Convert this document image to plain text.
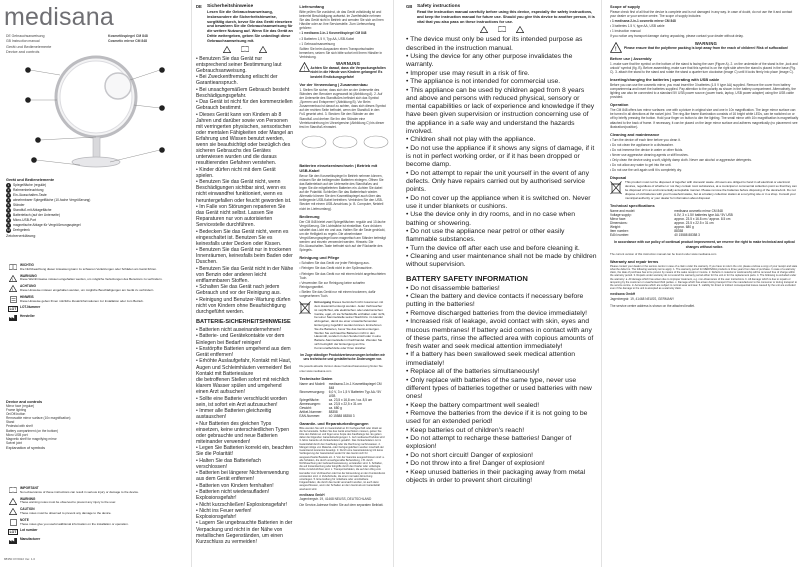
medisana
DE Gebrauchsanweisung
GB Instruction manual
Kosmetikspiegel CM 848
Cosmetic mirror CM 848
Gerät und Bedienelemente
Device and controls
Gerät und Bedienelemente
1	Spiegelfläche (regulär)
2	Rahmenbeleuchtung
3	Ein-/Ausschalten-Taste
4	abnehmbarer Spiegelfläche (10-fache Vergrößerung)
5	Ständer
6	Standfuß mit Ablagefläche
7	Batteriefach (auf der Unterseite)
8	Micro-USB-Port
9	magnetische Ablage für Vergrößerungsspiegel
10 Drehgelenk
Zeichenerklärung
WICHTIG
Die Nichtbeachtung dieser Anweisung kann zu schweren Verletzungen oder Schäden am Gerät führen.
!
WARNUNG
Diese Warnhinweise müssen eingehalten werden, um mögliche Verletzungen des Benutzers zu verhindern.
!
ACHTUNG
Diese Hinweise müssen eingehalten werden, um mögliche Beschädigungen am Gerät zu verhindern.
HINWEIS
Diese Hinweise geben Ihnen nützliche Zusatzinformationen zur Installation oder zum Betrieb.
LOT	LOT-Nummer
Hersteller
Device and controls
• Mirror face (regular)
• Frame lighting
• On/Off-button
• Removable mirror surface (10x magnification)
• Stand
• Pedestal with shelf
• Battery compartment (on the bottom)
• Micro USB port
• Magnetic shelf for magnifying mirror
• Swivel joint
Explanation of symbols
IMPORTANT
Non-observance of these instructions can result in serious injury or damage to the device.
WARNING
These warning notes must be observed to prevent any injury to the user.
CAUTION
These notes must be observed to prevent any damage to the device.
NOTE
These notes give you useful additional information on the installation or operation.
LOT	Lot number
Manufacturer
88350 07/2022 Ver. 1.0
DE	Sicherheitshinweise
Lesen Sie die Gebrauchsanweisung, insbesondere die Sicherheitshinweise, sorgfältig durch, bevor Sie das Gerät einsetzen und bewahren Sie die Gebrauchsanweisung für die weitere Nutzung auf. Wenn Sie das Gerät an Dritte weitergeben, geben Sie unbedingt diese Gebrauchsanweisung mit.

• Benutzen Sie das Gerät nur entsprechend seiner Bestimmung laut Gebrauchsanweisung.

• Bei Zweckentfremdung erlischt der Garantieanspruch.

• Bei unsachgemäßem Gebrauch besteht Beschädigungsgefahr.

• Das Gerät ist nicht für den kommerziellen Gebrauch bestimmt.

• Dieses Gerät kann von Kindern ab 8 Jahren und darüber sowie von Personen mit verringerten physischen, sensorischen oder mentalen Fähigkeiten oder Mangel an Erfahrung und Wissen benutzt werden, wenn sie beaufsichtigt oder bezüglich des sicheren Gebrauchs des Gerätes unterwiesen wurden und die daraus resultierenden Gefahren verstehen.

• Kinder dürfen nicht mit dem Gerät spielen.

• Benutzen Sie das Gerät nicht, wenn Beschädigungen sichtbar sind, wenn es nicht einwandfrei funktioniert, wenn es heruntergefallen oder feucht geworden ist.

• Im Falle von Störungen reparieren Sie das Gerät nicht selbst. Lassen Sie Reparaturen nur von autorisierten Servicestelle durchführen.

• Bedecken Sie das Gerät nicht, wenn es eingeschaltet ist. Benutzen Sie es keinesfalls unter Decken oder Kissen.

• Benutzen Sie das Gerät nur in trockenen Innenräumen, keinesfalls beim Baden oder Duschen.

• Benutzen Sie das Gerät nicht in der Nähe von Benzin oder anderen leicht entflammbaren Stoffen.

• Schalten Sie das Gerät nach jedem Gebrauch und vor der Reinigung aus.

• Reinigung und Benutzer-Wartung dürfen nicht von Kindern ohne Beaufsichtigung durchgeführt werden.

BATTERIE-SICHERHEITSHINWEISE

• Batterien nicht auseinandernehmen!

• Batterie- und Gerätekontakte vor dem Einlegen bei Bedarf reinigen!

• Enstörpfte Batterien umgehend aus dem Gerät entfernen!

• Erhöhte Auslaufgefahr, Kontakt mit Haut, Augen und Schleimhäuten vermeiden! Bei Kontakt mit Batteriesäure

die betroffenen Stellen sofort mit reichlich klarem Wasser spülen und umgehend einen Arzt aufsuchen!

• Sollte eine Batterie verschluckt worden sein, ist sofort ein Arzt aufzusuchen!

• Immer alle Batterien gleichzeitig austauschen!

• Nur Batterien des gleichen Typs einsetzen, keine unterschiedlichen Typen oder gebrauchte und neue Batterien miteinander verwenden!

• Legen Sie Batterien korrekt ein, beachten Sie die Polarität!

• Halten Sie das Batteriefach verschlossen!

• Batterien bei längerer Nichtverwendung aus dem Gerät entfernen!

• Batterien von Kindern fernhalten!

• Batterien nicht wiederaufladen! Explosionsgefahr!

• Nicht kurzschließen! Explosionsgefahr!

• Nicht ins Feuer werfen! Explosionsgefahr!

• Lagern Sie ungebrauchte Batterien in der Verpackung und nicht in der Nähe von metallischen Gegenständen, um einen Kurzschluss zu vermeiden!

Lieferumfang

Bitte prüfen Sie zunächst, ob das Gerät vollständig ist und keinerlei Beschädigung aufweist. Im Zweifelsfalle nehmen Sie das Gerät nicht in Betrieb und wenden Sie sich an Ihren Händler oder an Ihre Servicestelle. Zum Lieferumfang gehören:

• 1 medisana 2-in-1 Kosmetikspiegel CM 848

• 3 Batterien 1,5 V, Typ AA, USB-Kabel

• 1 Gebrauchsanweisung

Sollten Sie beim Auspacken einen Transportschaden bemerken, setzen Sie sich bitte sofort mit Ihrem Händler in Verbindung.

!
WARNUNG
Achten Sie darauf, dass die Verpackungsfolien nicht in die Hände von Kindern gelangen! Es besteht Erstickungsgefahr!
Vor der Verwendung | Zusammenbau
1. Stellen Sie sicher, dass sich der an der Unterseite des Ständers den Benutzer zugewandt ist (Abbildung A). 2. Auf der Unterseite des Standfußes befindet sich das Symbol „Sperren und Entsperren“ (Abbildung B). Vor Beim Zusammenbau ist darauf zu achten, dass sich dieses Symbol auf der rechten Seite befindet, wenn der Standfuß in den Fuß gesetzt wird. 3. Stecken Sie den Ständer an den Standfuß und drehen Sie ihn den Ständer eine Viertelumdrehung im Uhrzeigersinn (Abbildung C) bis dieser fest im Standfuß einrastet.
Batterien einsetzen/wechseln | Betrieb mit USB-Kabel
Bevor Sie den Kosmetikspiegel in Betrieb nehmen können, müssen Sie die beiliegenden Batterien einlegen. Öffnen Sie das Batteriefach auf der Unterseite des Standfußes und legen Sie die mitgelieferten Batterien ein. Achten Sie dabei auf die Polarität. Schließen Sie das Batteriefach wieder. Alternativ können Sie den Kosmetikspiegel auch über das beiliegende USB-Kabel betreiben. Verbinden Sie den USB-Stecker mit einem USB-Anschluss (z. B. Computer, Netzteil nicht im Lieferumfang).
Bedienung
Der CM 848 bietet zwei Spiegelflächen: regulär und 10-fache Vergrößerung. Die Lichtstärke ist einstellbar. Kurz drücken schaltet das Licht ein und aus. Halten Sie die Taste gedrückt, um die Helligkeit zu regeln. Die abnehmbare Vergrößerungsspiegel kann magnetisch am Ständer befestigt werden und einzeln verwendet werden. Hinweis: Die Ein-/Ausschalten-Taste befindet sich auf der Rückseite des Spiegels.
Reinigung und Pflege

• Schalten Sie das Gerät vor jeder Reinigung aus.

• Reinigen Sie das Gerät nicht in der Spülmaschine.

• Reinigen Sie das Gerät nur mit einem leicht angefeuchteten Tuch.

• Verwenden Sie zur Reinigung keine scharfen Reinigungsmittel.

• Stellen Sie das Gerät nur mit einem trockenen, dafür vorgesehenen Tuch.

Entsorgung Dieses Gerät darf nicht zusammen mit dem Hausmüll entsorgt werden. Jeder Verbraucher ist verpflichtet, alle elektrischen oder elektronischen Geräte, egal, ob sie Schadstoffe enthalten oder nicht, bei einer Sammelstelle seiner Stadt bzw. im Handel abzugeben, damit sie einer umweltschonenden Entsorgung zugeführt werden können. Entnehmen Sie die Batterien, bevor Sie das Gerät entsorgen. Werfen Sie verbrauchte Batterien nicht in den Hausmüll, sondern in den Sondermüll oder in eine Batterie-Sammelstelle im Fachhandel. Wenden Sie sich bezüglich der Entsorgung an Ihre Kommunalbehörde oder Ihren Händler.
Im Zuge ständiger Produktverbesserungen behalten wir uns technische und gestalterische Änderungen vor.
Die jeweils aktuelle Version dieser Gebrauchsanweisung finden Sie unter www.medisana.com
Technische Daten
Name und Modell:	medisana 2-in-1 Kosmetikspiegel CM 848
Stromversorgung:	6,0 V, 3 x 1,5 V Batterien Typ AA / 5V USB
Spiegelfläche:	ca. 23,5 x 16,8 cm / ca. 8,5 cm
Abmessungen:	ca. 23,5 x 22,5 x 31 cm
Gewicht:	ca. 680 g
Artikel-Nummer:	88358
EAN-Nummer:	40 15588 88358 3
Garantie- und Reparaturbedingungen
Bitte wenden Sie sich im Garantiefall an Ihr Fachgeschäft oder direkt an die Servicestelle. Sollten Sie das Gerät einschicken müssen, geben Sie bitte den Defekt an und fügen eine Kopie des Kaufbelegs bei. Es gelten dabei die folgenden Garantiebedingungen: 1. Auf medisana-Produkte wird 3 Jahre Garantie ab Verkaufsdatum gewährt. Das Verkaufsdatum ist im Garantiefall durch den Kaufbeleg oder die Rechnung nachzuweisen. 2. Mängel infolge von Material- oder Fertigungsfehlern werden innerhalb der Garantiezeit kostenlos beseitigt. 3. Durch eine Garantieleistung tritt keine Verlängerung der Garantiezeit weder für das Gerät noch für ausgewechselte Bauteile ein. 4. Von der Garantie ausgeschlossen sind: a. alle Schäden, die durch unsachgemäße Behandlung, z.B. durch Nichtbeachtung der Gebrauchsanweisung, entstanden sind. b. Schäden, die auf Instandsetzung oder Eingriffe durch den Käufer oder unbefugte Dritte zurückzuführen sind. c. Transportschäden, die auf dem Weg vom Hersteller zum Verbraucher oder bei der Einsendung an den Kundendienst entstanden sind. d. Zubehörteile, die einer normalen Abnutzung unterliegen. 5. Eine Haftung für mittelbare oder unmittelbare Folgeschäden, die durch das Gerät verursacht werden, ist auch dann ausgeschlossen, wenn der Schaden an dem Gerät als ein Garantiefall anerkannt wird.
medisana GmbH
Jagenbergstr. 19, 41468 NEUSS, DEUTSCHLAND
Die Service-Adresse finden Sie auf dem separaten Beiblatt.
GB Safety instructions
Read the instruction manual carefully before using this device, especially the safety instructions, and keep the instruction manual for future use. Should you give this device to another person, it is vital that you also pass on these instructions for use.

• The device must only be used for its intended purpose as described in the instruction manual.

• Using the device for any other purpose invalidates the warranty.

• Improper use may result in a risk of fire.

• The appliance is not intended for commercial use.

• This appliance can be used by children aged from 8 years and above and persons with reduced physical, sensory or mental capabilities or lack of experience and knowledge if they have been given supervision or instruction concerning use of the appliance in a safe way and understand the hazards involved.

• Children shall not play with the appliance.

• Do not use the appliance if it shows any signs of damage, if it is not in perfect working order, or if it has been dropped or become damp.

• Do not attempt to repair the unit yourself in the event of any defects. Only have repairs carried out by authorised service points.

• Do not cover up the appliance when it is switched on. Never use it under blankets or cushions.

• Use the device only in dry rooms, and in no case when bathing or showering.

• Do not use the appliance near petrol or other easily flammable substances.

• Turn the device off after each use and before cleaning it.

• Cleaning and user maintenance shall not be made by children without supervision.

BATTERY SAFETY INFORMATION

• Do not disassemble batteries!

• Clean the battery and device contacts if necessary before putting in the batteries!

• Remove discharged batteries from the device immediately!

• Increased risk of leakage, avoid contact with skin, eyes and mucous membranes! If battery acid comes in contact with any of these parts, rinse the affected area with copious amounts of fresh water and seek medical attention immediately!

• If a battery has been swallowed seek medical attention immediately!

• Replace all of the batteries simultaneously!

• Only replace with batteries of the same type, never use different types of batteries together or used batteries with new ones!

• Keep the battery compartment well sealed!

• Remove the batteries from the device if it is not going to be used for an extended period!

• Keep batteries out of children's reach!

• Do not attempt to recharge these batteries! Danger of explosion!

• Do not short circuit! Danger of explosion!

• Do not throw into a fire! Danger of explosion!

• Keep unused batteries in their packaging away from metal objects in order to prevent short circuiting!

Scope of supply

Please check first of all that the device is complete and is not damaged in any way. In case of doubt, do not use the it and contact your dealer or your service centre. The scope of supply includes:

• 1 medisana 2-in-1 cosmetic mirror CM 848

• 3 batteries 1.5 V, type AA, USB cable

• 1 instruction manual

If you notice any transport damage during unpacking, please contact your dealer without delay.

!
WARNING
Please ensure that the polythene packing is kept away from the reach of children! Risk of suffocation!
Before use | Assembly
1. make sure that the symbol on the bottom of the stand is facing the user (Figure A). 2. on the underside of the stand is the „lock and unlock“ symbol (fig. B). Before assembling, make sure that this symbol is on the right side when the stand is placed in the base (Fig. C). 3. attach the stand to the stand and rotate the stand a quarter turn clockwise (image C) until it locks firmly into place (image C).
Inserting/changing the batteries | operating with USB cable
Before you can use the cosmetic mirror, you must insert the 3 batteries (1.5 V type AA) supplied. Remove the cover from battery compartment ■ and insert the batteries supplied. Pay attention to the polarity as shown in the battery compartment. Alternatively, the lighting can also be connected to a standard 5V USB power source (power bank, laptop, USB power adapter) using the USB cable provided.
Operation
The CM 848 offers two mirror surfaces: one with a picture in original size and one in 10x magnification. The large mirror surface can be turned in all directions at the swivel joint. The ring-like frame illumination consists of 16 bright white LEDs, can be switched on or off by briefly pressing the button. Hold your finger on button to dim the lighting. The small mirror with 10x magnification is magnetically attached to the back of frame. If necessary, it can be placed on the large mirror surface and adheres magnetically (no placement: see illustration/position).
Cleaning and maintenance

• Turn the device off each time before you clean it.

• Do not clean the appliance in a dishwasher.

• Do not immerse the device in water or other fluids.

• Never use aggressive cleaning agents or stiff brushes.

• Only clean the device using a soft, slightly damp cloth. Never use alcohol or aggressive detergents.

• Do not allow any water to get into the unit.

• Do not use the unit again until it is completely dry.

Disposal
This product must not be disposed of together with domestic waste. All users are obliged to hand in all electrical or electronic devices, regardless of whether or not they contain toxic substances, at a municipal or commercial collection point so that they can be disposed of in an environmentally acceptable manner. Please remove the batteries before disposing of the device/unit. Do not dispose of old batteries with your household waste, but at a battery collection station at a recycling site or in a shop. Consult your municipal authority or your dealer for information about disposal.
Technical specifications
Name and model:	medisana cosmetic mirror CM 848
Voltage supply:	6.0V, 3 x 1.5V batteries type AA / 5V USB
Mirror face:	approx. 23.5 x 16.8 cm / approx. 8.5 cm
Dimensions:	approx. 23.5 x 22.5 x 31 cm
Weight:	approx. 680 g
Item number:	88358
EAN number:	40 15588 88358 3
In accordance with our policy of continual product improvement, we reserve the right to make technical and optical changes without notice.
The current version of this instruction manual can be found under www.medisana.com
Warranty and repair terms
Please contact your dealer or the service centre in case of a claim under the warranty. If you have to return the unit, please enclose a copy of your receipt and state what the defect is. The following warranty terms apply: 1. The warranty period for MEDISANA products is three years from date of purchase. In case of a warranty claim, the date of purchase has to be proven by means of the sales receipt or invoice. 2. Defects in material or workmanship will be removed free of charge within the warranty period. 3. Repairs under warranty do not extend the warranty period either for the unit or for the replacement parts. 4. The following is excluded under the warranty: a. All damage which has arisen due to improper treatment, e.g. non-observance of the user instructions. b. All damage which is due to repairs or tampering by the customer or unauthorised third parties. c. Damage which has arisen during transport from the manufacturer to the consumer or during transport to the service centre. d. Accessories which are subject to normal wear and tear. 5. Liability for direct or indirect consequential losses caused by the unit are excluded even if the damage to the unit is accepted as a warranty claim.
medisana GmbH
Jagenbergstr. 19, 41468 NEUSS, GERMANY
The service centre address is shown on the attached leaflet.
